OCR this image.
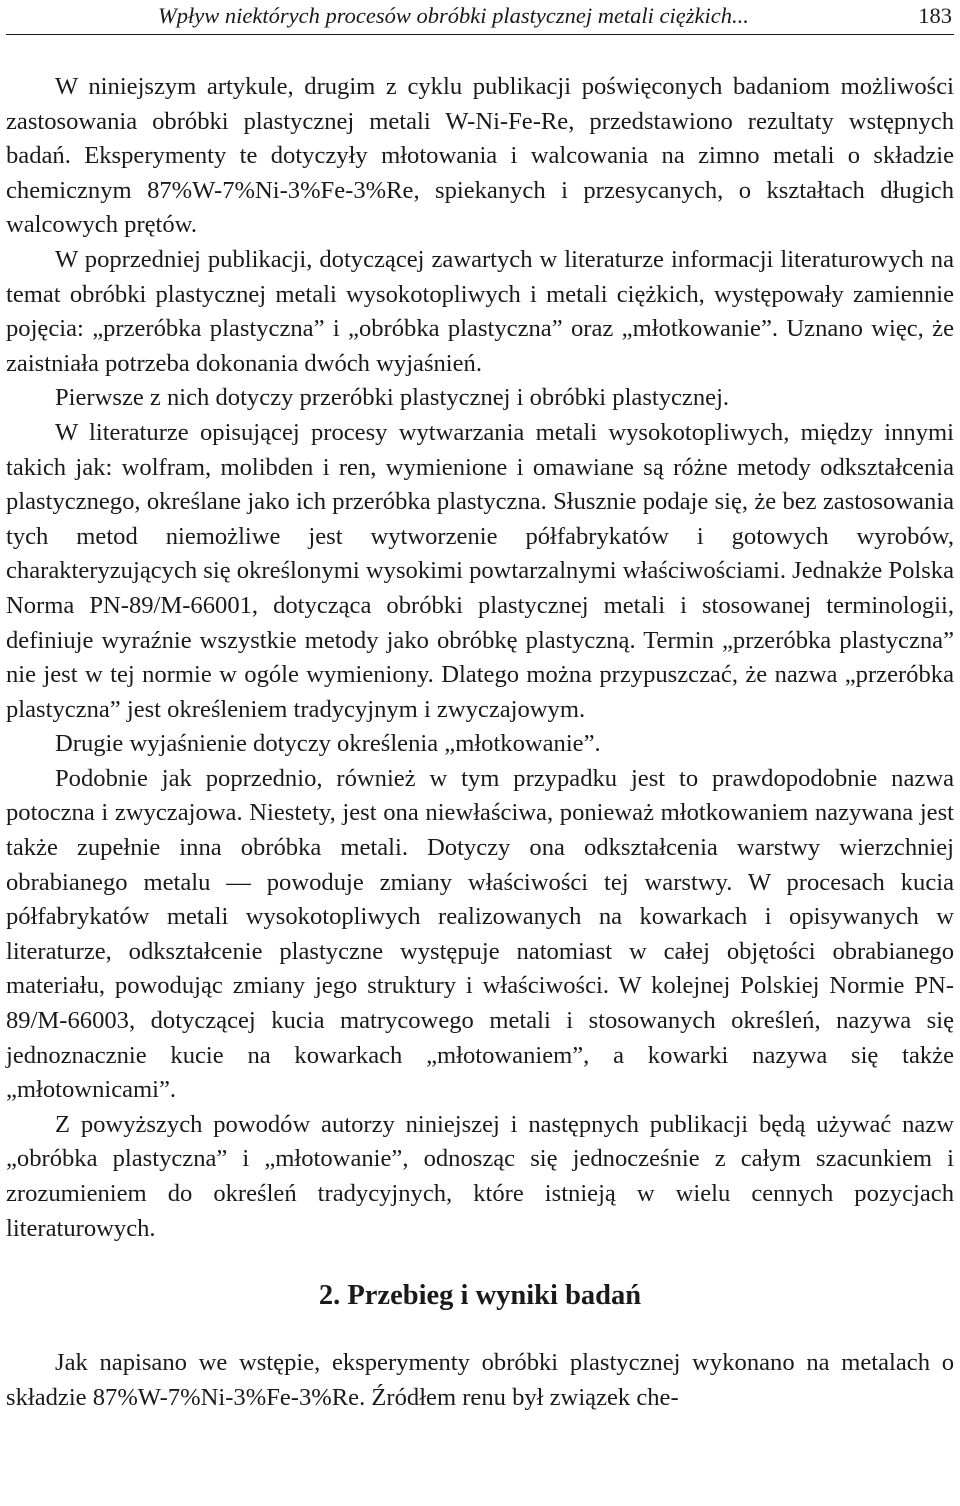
Wpływ niektórych procesów obróbki plastycznej metali ciężkich...	183

W niniejszym artykule, drugim z cyklu publikacji poświęconych badaniom możliwości zastosowania obróbki plastycznej metali W-Ni-Fe-Re, przedstawiono rezultaty wstępnych badań. Eksperymenty te dotyczyły młotowania i walcowania na zimno metali o składzie chemicznym 87%W-7%Ni-3%Fe-3%Re, spiekanych i przesycanych, o kształtach długich walcowych prętów.

W poprzedniej publikacji, dotyczącej zawartych w literaturze informacji literaturowych na temat obróbki plastycznej metali wysokotopliwych i metali ciężkich, występowały zamiennie pojęcia: „przeróbka plastyczna” i „obróbka plastyczna” oraz „młotkowanie”. Uznano więc, że zaistniała potrzeba dokonania dwóch wyjaśnień.

Pierwsze z nich dotyczy przeróbki plastycznej i obróbki plastycznej.

W literaturze opisującej procesy wytwarzania metali wysokotopliwych, między innymi takich jak: wolfram, molibden i ren, wymienione i omawiane są różne metody odkształcenia plastycznego, określane jako ich przeróbka plastyczna. Słusznie podaje się, że bez zastosowania tych metod niemożliwe jest wytworzenie półfabrykatów i gotowych wyrobów, charakteryzujących się określonymi wysokimi powtarzalnymi właściwościami. Jednakże Polska Norma PN-89/M-66001, dotycząca obróbki plastycznej metali i stosowanej terminologii, definiuje wyraźnie wszystkie metody jako obróbkę plastyczną. Termin „przeróbka plastyczna” nie jest w tej normie w ogóle wymieniony. Dlatego można przypuszczać, że nazwa „przeróbka plastyczna” jest określeniem tradycyjnym i zwyczajowym.

Drugie wyjaśnienie dotyczy określenia „młotkowanie”.

Podobnie jak poprzednio, również w tym przypadku jest to prawdopodobnie nazwa potoczna i zwyczajowa. Niestety, jest ona niewłaściwa, ponieważ młotkowaniem nazywana jest także zupełnie inna obróbka metali. Dotyczy ona odkształcenia warstwy wierzchniej obrabianego metalu — powoduje zmiany właściwości tej warstwy. W procesach kucia półfabrykatów metali wysokotopliwych realizowanych na kowarkach i opisywanych w literaturze, odkształcenie plastyczne występuje natomiast w całej objętości obrabianego materiału, powodując zmiany jego struktury i właściwości. W kolejnej Polskiej Normie PN-89/M-66003, dotyczącej kucia matrycowego metali i stosowanych określeń, nazywa się jednoznacznie kucie na kowarkach „młotowaniem”, a kowarki nazywa się także „młotownicami”.

Z powyższych powodów autorzy niniejszej i następnych publikacji będą używać nazw „obróbka plastyczna” i „młotowanie”, odnosząc się jednocześnie z całym szacunkiem i zrozumieniem do określeń tradycyjnych, które istnieją w wielu cennych pozycjach literaturowych.

2. Przebieg i wyniki badań

Jak napisano we wstępie, eksperymenty obróbki plastycznej wykonano na metalach o składzie 87%W-7%Ni-3%Fe-3%Re. Źródłem renu był związek che-
